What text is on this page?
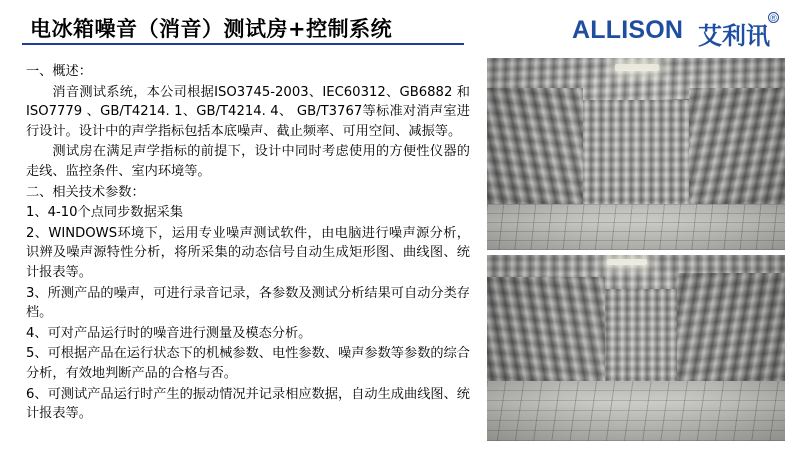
电冰箱噪音（消音）测试房+控制系统	ALLISON 艾利讯
®

一、概述：

消音测试系统，本公司根据ISO3745-2003、IEC60312、GB6882 和ISO7779 、GB/T4214. 1、GB/T4214. 4、 GB/T3767等标准对消声室进行设计。设计中的声学指标包括本底噪声、截止频率、可用空间、减振等。

测试房在满足声学指标的前提下，设计中同时考虑使用的方便性仪器的走线、监控条件、室内环境等。

二、相关技术参数：

1、4-10个点同步数据采集

2、WINDOWS环境下，运用专业噪声测试软件，由电脑进行噪声源分析，识辨及噪声源特性分析，将所采集的动态信号自动生成矩形图、曲线图、统计报表等。

3、所测产品的噪声，可进行录音记录，各参数及测试分析结果可自动分类存档。

4、可对产品运行时的噪音进行测量及模态分析。

5、可根据产品在运行状态下的机械参数、电性参数、噪声参数等参数的综合分析，有效地判断产品的合格与否。

6、可测试产品运行时产生的振动情况并记录相应数据，自动生成曲线图、统计报表等。
